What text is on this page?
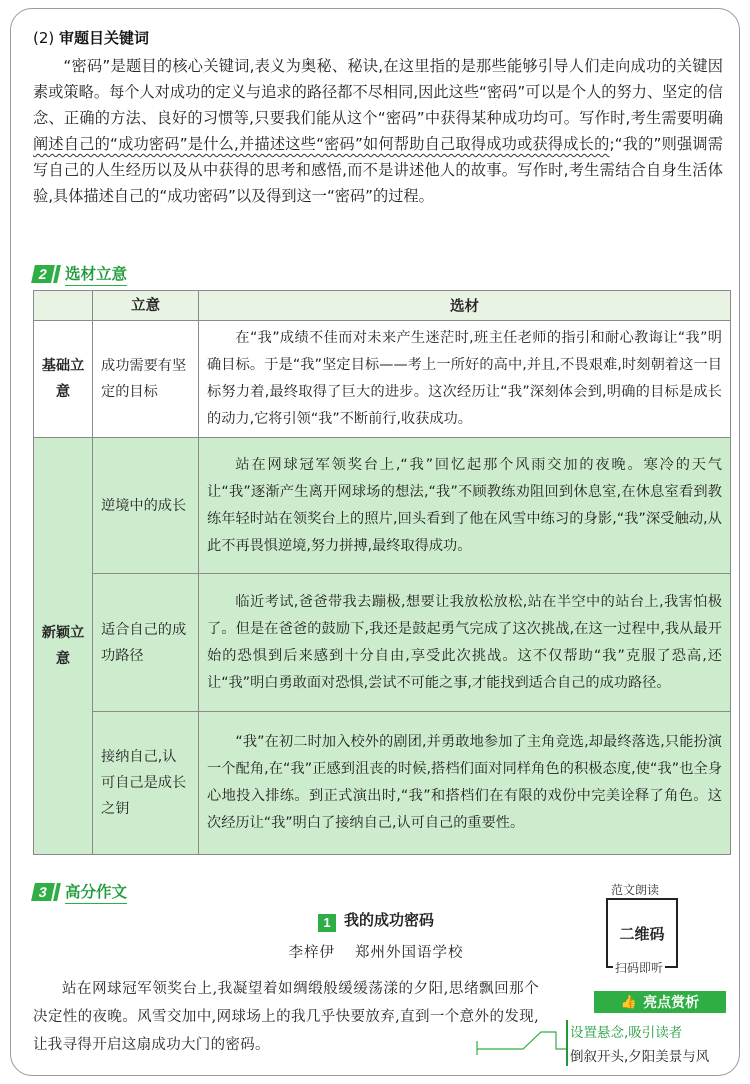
(2) 审题目关键词
“密码”是题目的核心关键词,表义为奥秘、秘诀,在这里指的是那些能够引导人们走向成功的关键因素或策略。每个人对成功的定义与追求的路径都不尽相同,因此这些“密码”可以是个人的努力、坚定的信念、正确的方法、良好的习惯等,只要我们能从这个“密码”中获得某种成功均可。写作时,考生需要明确阐述自己的“成功密码”是什么,并描述这些“密码”如何帮助自己取得成功或获得成长的;“我的”则强调需写自己的人生经历以及从中获得的思考和感悟,而不是讲述他人的故事。写作时,考生需结合自身生活体验,具体描述自己的“成功密码”以及得到这一“密码”的过程。
2	选材立意
	立意	选材
基础立意	成功需要有坚定的目标	在“我”成绩不佳而对未来产生迷茫时,班主任老师的指引和耐心教诲让“我”明确目标。于是“我”坚定目标——考上一所好的高中,并且,不畏艰难,时刻朝着这一目标努力着,最终取得了巨大的进步。这次经历让“我”深刻体会到,明确的目标是成长的动力,它将引领“我”不断前行,收获成功。
新颖立意	逆境中的成长	站在网球冠军领奖台上,“我”回忆起那个风雨交加的夜晚。寒冷的天气让“我”逐渐产生离开网球场的想法,“我”不顾教练劝阻回到休息室,在休息室看到教练年轻时站在领奖台上的照片,回头看到了他在风雪中练习的身影,“我”深受触动,从此不再畏惧逆境,努力拼搏,最终取得成功。
	适合自己的成功路径	临近考试,爸爸带我去蹦极,想要让我放松放松,站在半空中的站台上,我害怕极了。但是在爸爸的鼓励下,我还是鼓起勇气完成了这次挑战,在这一过程中,我从最开始的恐惧到后来感到十分自由,享受此次挑战。这不仅帮助“我”克服了恐高,还让“我”明白勇敢面对恐惧,尝试不可能之事,才能找到适合自己的成功路径。
	接纳自己,认可自己是成长之钥	“我”在初二时加入校外的剧团,并勇敢地参加了主角竞选,却最终落选,只能扮演一个配角,在“我”正感到沮丧的时候,搭档们面对同样角色的积极态度,使“我”也全身心地投入排练。到正式演出时,“我”和搭档们在有限的戏份中完美诠释了角色。这次经历让“我”明白了接纳自己,认可自己的重要性。
3	高分作文	范文朗读
二维码
扫码即听
1 我的成功密码
李梓伊 郑州外国语学校
站在网球冠军领奖台上,我凝望着如绸缎般缓缓荡漾的夕阳,思绪飘回那个决定性的夜晚。风雪交加中,网球场上的我几乎快要放弃,直到一个意外的发现,让我寻得开启这扇成功大门的密码。
👍 亮点赏析
设置悬念,吸引读者
倒叙开头,夕阳美景与风
